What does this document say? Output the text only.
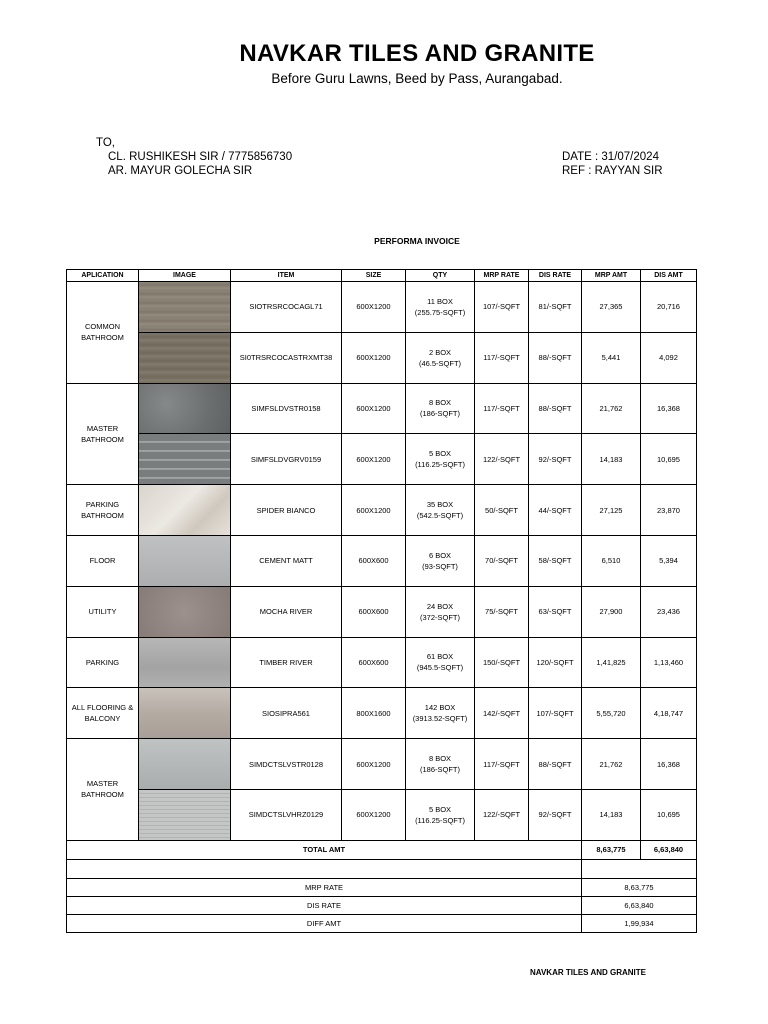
NAVKAR TILES AND GRANITE
Before Guru Lawns, Beed by Pass, Aurangabad.
TO,
CL. RUSHIKESH SIR / 7775856730
AR. MAYUR GOLECHA SIR
DATE : 31/07/2024
REF : RAYYAN SIR
PERFORMA INVOICE
APLICATION	IMAGE	ITEM	SIZE	QTY	MRP RATE	DIS RATE	MRP AMT	DIS AMT
COMMON BATHROOM		SIOTRSRCOCAGL71	600X1200	11 BOX
(255.75-SQFT)	107/-SQFT	81/-SQFT	27,365	20,716

		SI0TRSRCOCASTRXMT38	600X1200	2 BOX
(46.5-SQFT)	117/-SQFT	88/-SQFT	5,441	4,092
MASTER BATHROOM		SIMFSLDVSTR0158	600X1200	8 BOX
(186-SQFT)	117/-SQFT	88/-SQFT	21,762	16,368

		SIMFSLDVGRV0159	600X1200	5 BOX
(116.25-SQFT)	122/-SQFT	92/-SQFT	14,183	10,695
PARKING BATHROOM		SPIDER BIANCO	600X1200	35 BOX
(542.5-SQFT)	50/-SQFT	44/-SQFT	27,125	23,870
FLOOR		CEMENT MATT	600X600	6 BOX
(93-SQFT)	70/-SQFT	58/-SQFT	6,510	5,394
UTILITY		MOCHA RIVER	600X600	24 BOX
(372-SQFT)	75/-SQFT	63/-SQFT	27,900	23,436
PARKING		TIMBER RIVER	600X600	61 BOX
(945.5-SQFT)	150/-SQFT	120/-SQFT	1,41,825	1,13,460
ALL FLOORING & BALCONY		SIOSIPRA561	800X1600	142 BOX
(3913.52-SQFT)	142/-SQFT	107/-SQFT	5,55,720	4,18,747
MASTER BATHROOM		SIMDCTSLVSTR0128	600X1200	8 BOX
(186-SQFT)	117/-SQFT	88/-SQFT	21,762	16,368

		SIMDCTSLVHRZ0129	600X1200	5 BOX
(116.25-SQFT)	122/-SQFT	92/-SQFT	14,183	10,695
TOTAL AMT							8,63,775	6,63,840

MRP RATE							8,63,775	
DIS RATE							6,63,840	
DIFF AMT							1,99,934	
NAVKAR TILES AND GRANITE
